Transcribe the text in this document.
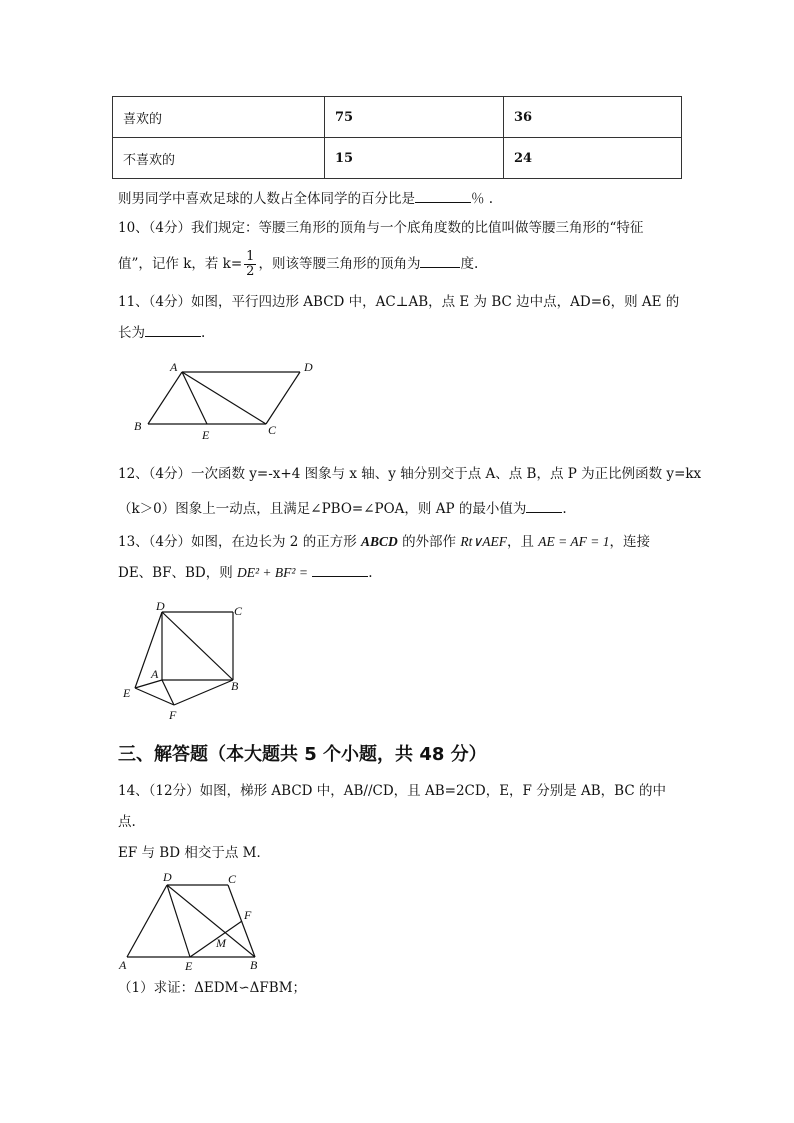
喜欢的	75	36
不喜欢的	15	24
则男同学中喜欢足球的人数占全体同学的百分比是	％ .
10、（4分）我们规定：等腰三角形的顶角与一个底角度数的比值叫做等腰三角形的“特征
值”，记作 k，若 $k= \frac{1}{2}$ ，则该等腰三角形的顶角为	度.
11、（4分）如图，平行四边形 ABCD 中，AC⊥AB，点 E 为 BC 边中点，AD=6，则 AE 的
长为	.
A	D
B	C
E
12、（4分）一次函数 y=-x+4 图象与 x 轴、y 轴分别交于点 A、点 B，点 P 为正比例函数 y=kx
（k＞0）图象上一动点，且满足∠PBO=∠POA，则 AP 的最小值为	.
13、（4分）如图，在边长为 2 的正方形 ABCD 的外部作 Rt∨AEF，且 AE = AF = 1，连接
DE、BF、BD，则 DE² + BF² =	.
D	C
A
B
E
F
三、解答题（本大题共 5 个小题，共 48 分）
14、（12分）如图，梯形 ABCD 中，AB//CD，且 AB=2CD，E，F 分别是 AB，BC 的中
点.
EF 与 BD 相交于点 M．
D	C
F
M
A	E	B
（1）求证：ΔEDM∽ΔFBM；
